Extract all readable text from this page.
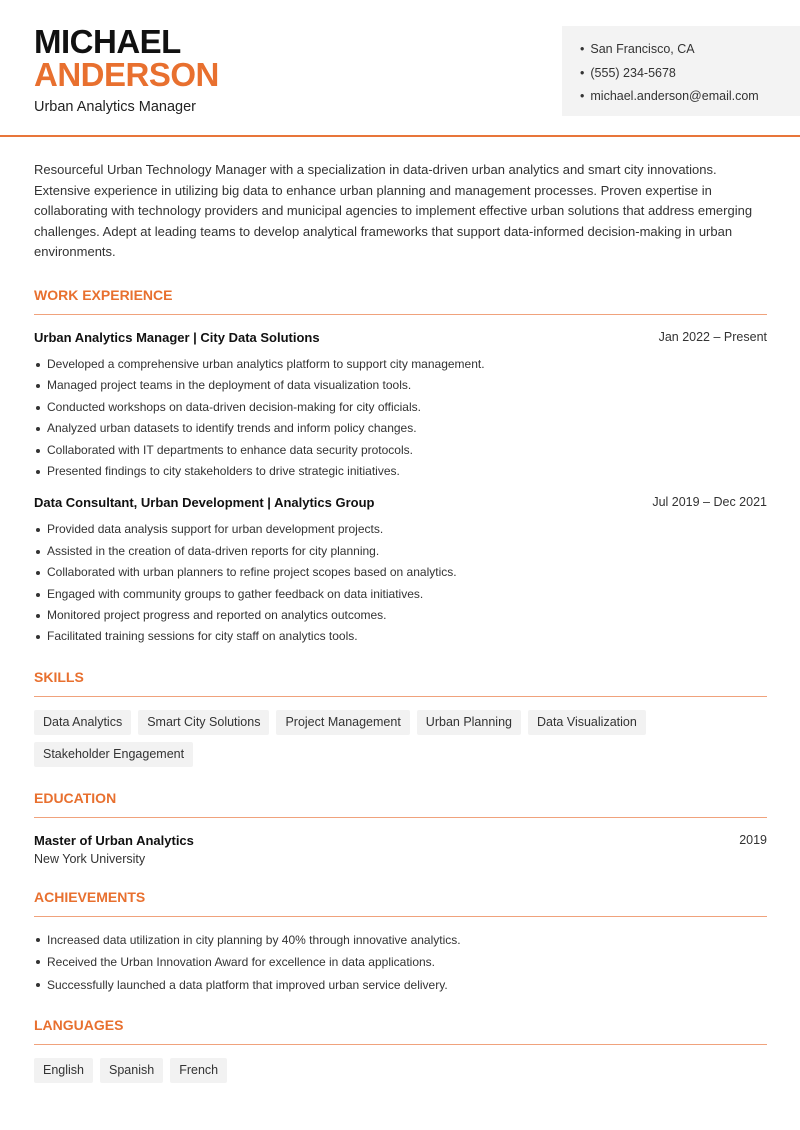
MICHAEL
ANDERSON
Urban Analytics Manager
• San Francisco, CA
• (555) 234-5678
• michael.anderson@email.com

Resourceful Urban Technology Manager with a specialization in data-driven urban analytics and smart city innovations. Extensive experience in utilizing big data to enhance urban planning and management processes. Proven expertise in collaborating with technology providers and municipal agencies to implement effective urban solutions that address emerging challenges. Adept at leading teams to develop analytical frameworks that support data-informed decision-making in urban environments.

WORK EXPERIENCE
Urban Analytics Manager | City Data Solutions	Jan 2022 – Present
Developed a comprehensive urban analytics platform to support city management.
Managed project teams in the deployment of data visualization tools.
Conducted workshops on data-driven decision-making for city officials.
Analyzed urban datasets to identify trends and inform policy changes.
Collaborated with IT departments to enhance data security protocols.
Presented findings to city stakeholders to drive strategic initiatives.
Data Consultant, Urban Development | Analytics Group	Jul 2019 – Dec 2021
Provided data analysis support for urban development projects.
Assisted in the creation of data-driven reports for city planning.
Collaborated with urban planners to refine project scopes based on analytics.
Engaged with community groups to gather feedback on data initiatives.
Monitored project progress and reported on analytics outcomes.
Facilitated training sessions for city staff on analytics tools.
SKILLS
Data Analytics	Smart City Solutions	Project Management	Urban Planning	Data Visualization
Stakeholder Engagement
EDUCATION
Master of Urban Analytics	2019
New York University
ACHIEVEMENTS
Increased data utilization in city planning by 40% through innovative analytics.
Received the Urban Innovation Award for excellence in data applications.
Successfully launched a data platform that improved urban service delivery.
LANGUAGES
English	Spanish	French
